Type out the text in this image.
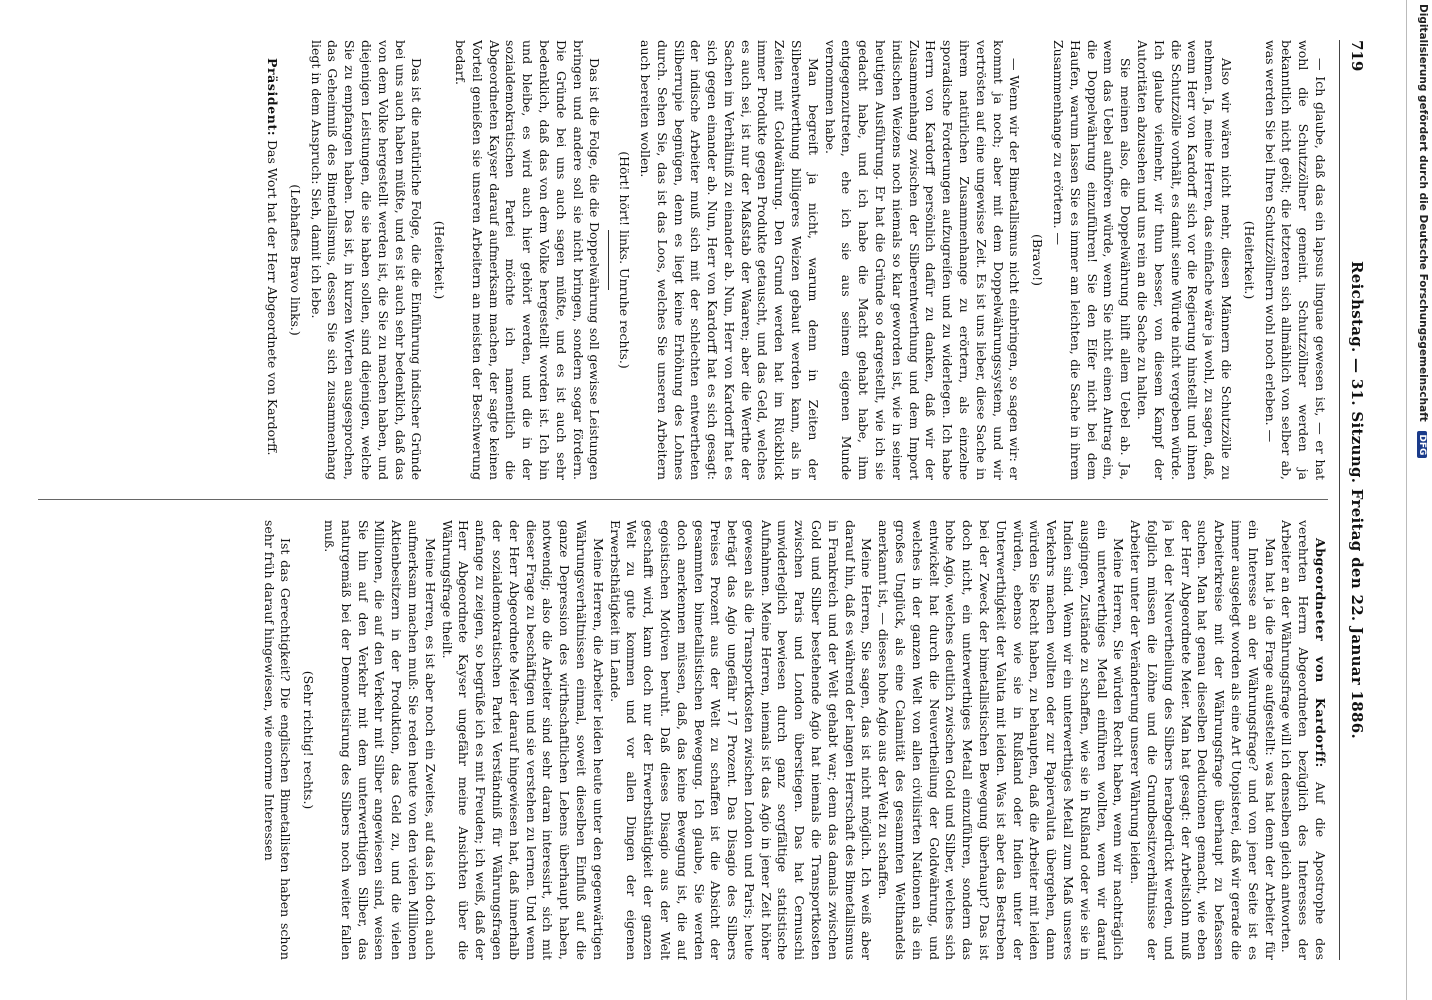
719
Reichstag. — 31. Sitzung. Freitag den 22. Januar 1886.

— Ich glaube, daß das ein lapsus linguae gewesen ist, — er hat wohl die Schutzzöllner gemeint. Schutzzöllner werden ja bekanntlich nicht geölt; die letzteren sich allmählich von selber ab, was werden Sie bei Ihren Schutzzöllnern wohl noch erleben. —

(Heiterkeit.)

Also wir wären nicht mehr, diesen Männern die Schutzzölle zu nehmen. Ja, meine Herren, das einfache wäre ja wohl, zu sagen, daß, wenn Herr von Kardorff sich vor die Regierung hinstellt und ihnen die Schutzzölle vorhält, es damit seine Würde nicht vergeben würde. Ich glaube vielmehr, wir thun besser, von diesem Kampf der Autoritäten abzusehen und uns rein an die Sache zu halten.

Sie meinen also, die Doppelwährung hilft allem Uebel ab. Ja, wenn das Uebel aufhören würde, wenn Sie nicht einen Antrag ein, die Doppelwährung einzuführen! Sie den Eifer nicht bei dem Haufen, warum lassen Sie es immer am leichten, die Sache in ihrem Zusammenhange zu erörtern. —

(Bravo!)

— Wenn wir der Bimetallismus nicht einbringen, so sagen wir: er kommt ja noch; aber mit dem Doppelwährungssystem, und wir vertrösten auf eine ungewisse Zeit. Es ist uns lieber, diese Sache in ihrem natürlichen Zusammenhange zu erörtern, als einzelne sporadische Forderungen aufzugreifen und zu widerlegen. Ich habe Herrn von Kardorff persönlich dafür zu danken, daß wir der Zusammenhang zwischen der Silberentwerthung und dem Import indischen Weizens noch niemals so klar geworden ist, wie in seiner heutigen Ausführung. Er hat die Gründe so dargestellt, wie ich sie gedacht habe, und ich habe die Macht gehabt habe, ihm entgegenzutreten, ehe ich sie aus seinem eigenen Munde vernommen habe.

Man begreift ja nicht, warum denn in Zeiten der Silberentwerthung billigeres Weizen gebaut werden kann, als in Zeiten mit Goldwährung. Den Grund werden hat im Rückblick immer Produkte gegen Produkte getauscht, und das Geld, welches es auch sei, ist nur der Maßstab der Waaren; aber die Werthe der Sachen im Verhältniß zu einander ab. Nun, Herr von Kardorff hat es sich gegen einander ab. Nun, Herr von Kardorff hat es sich gesagt: der indische Arbeiter muß sich mit der schlechten entwertheten Silberrupie begnügen, denn es liegt keine Erhöhung des Lohnes durch. Sehen Sie, das ist das Loos, welches Sie unseren Arbeitern auch bereiten wollen.

(Hört! hört! links. Unruhe rechts.)

Das ist die Folge, die die Doppelwährung soll gewisse Leistungen bringen und andere soll sie nicht bringen, sondern sogar fördern. Die Gründe bei uns auch sagen müßte, und es ist auch sehr bedenklich, daß das von dem Volke hergestellt worden ist. Ich bin und bleibe, es wird auch hier gehört werden, und die in der sozialdemokratischen Partei möchte ich namentlich die Abgeordneten Kayser darauf aufmerksam machen, der sagte keinen Vorteil genießen sie unseren Arbeitern an meisten der Beschwerung bedarf.

(Heiterkeit.)

Das ist die natürliche Folge, die die Einführung indischer Gründe bei uns auch haben müßte, und es ist auch sehr bedenklich, daß das von dem Volke hergestellt werden ist, die Sie zu machen haben, und diejenigen Leistungen, die sie haben sollen, sind diejenigen, welche Sie zu empfangen haben. Das ist, in kurzen Worten ausgesprochen, das Geheimniß des Bimetallismus, dessen Sie sich zusammenhang liegt in dem Anspruch: Sieh, damit ich lebe.

(Lebhaftes Bravo links.)

Präsident: Das Wort hat der Herr Abgeordnete von Kardorff.

Abgeordneter von Kardorff: Auf die Apostrophe des verehrten Herrn Abgeordneten bezüglich des Interesses der Arbeiter an der Währungsfrage will ich denselben gleich antworten.

Man hat ja die Frage aufgestellt: was hat denn der Arbeiter für ein Interesse an der Währungsfrage? und von jener Seite ist es immer ausgelegt worden als eine Art Utopisterei, daß wir gerade die Arbeiterkreise mit der Währungsfrage überhaupt zu befassen suchen. Man hat genau dieselben Deductionen gemacht, wie eben der Herr Abgeordnete Meier. Man hat gesagt: der Arbeitslohn muß ja bei der Neuvertheilung des Silbers herabgedrückt werden, und folglich müssen die Löhne und die Grundbesitzverhältnisse der Arbeiter unter der Veränderung unserer Währung leiden.

Meine Herren, Sie würden Recht haben, wenn wir nachträglich ein unterwerthiges Metall einführen wollten, wenn wir darauf ausgingen, Zustände zu schaffen, wie sie in Rußland oder wie sie in Indien sind. Wenn wir ein unterwerthiges Metall zum Maß unseres Verkehrs machen wollten oder zur Papiervaluta übergehen, dann würden Sie Recht haben, zu behaupten, daß die Arbeiter mit leiden würden, ebenso wie sie in Rußland oder Indien unter der Unterwerthigkeit der Valuta mit leiden. Was ist aber das Bestreben bei der Zweck der bimetallistischen Bewegung überhaupt? Das ist doch nicht, ein unterwerthiges Metall einzuführen, sondern das hohe Agio, welches deutlich zwischen Gold und Silber, welches sich entwickelt hat durch die Neuvertheilung der Goldwährung, und welches in der ganzen Welt von allen civilisirten Nationen als ein großes Unglück, als eine Calamität des gesammten Welthandels anerkannt ist, — dieses hohe Agio aus der Welt zu schaffen.

Meine Herren, Sie sagen, das ist nicht möglich. Ich weiß aber darauf hin, daß es während der langen Herrschaft des Bimetallismus in Frankreich und der Welt gehabt war; denn das damals zwischen Gold und Silber bestehende Agio hat niemals die Transportkosten zwischen Paris und London überstiegen. Das hat Cernuschi unwiderleglich bewiesen durch ganz sorgfältige statistische Aufnahmen. Meine Herren, niemals ist das Agio in jener Zeit höher gewesen als die Transportkosten zwischen London und Paris; heute beträgt das Agio ungefähr 17 Prozent. Das Disagio des Silbers Preises Prozent aus der Welt zu schaffen ist die Absicht der gesammten bimetallistischen Bewegung. Ich glaube, Sie werden doch anerkennen müssen, daß, das keine Bewegung ist, die auf egoistischen Motiven beruht. Daß dieses Disagio aus der Welt geschafft wird, kann doch nur der Erwerbsthätigkeit der ganzen Welt zu gute kommen und vor allen Dingen der eigenen Erwerbsthätigkeit im Lande.

Meine Herren, die Arbeiter leiden heute unter den gegenwärtigen Währungsverhältnissen einmal, soweit dieselben Einfluß auf die ganze Depression des wirthschaftlichen Lebens überhaupt haben, notwendig; also die Arbeiter sind sehr daran interessirt, sich mit dieser Frage zu beschäftigen und sie verstehen zu lernen. Und wenn der Herr Abgeordnete Meier darauf hingewiesen hat, daß innerhalb der sozialdemokratischen Partei Verständniß für Währungsfragen anfange zu zeigen, so begrüße ich es mit Freuden; ich weiß, daß der Herr Abgeordnete Kayser ungefähr meine Ansichten über die Währungsfrage theilt.

Meine Herren, es ist aber noch ein Zweites, auf das ich doch auch aufmerksam machen muß: Sie reden heute von den vielen Millionen Aktienbesitzern in der Produktion, das Geld zu, und die vielen Millionen, die auf den Verkehr mit Silber angewiesen sind, weisen Sie hin auf den Verkehr mit dem unterwerthigen Silber, das naturgemäß bei der Demonetisirung des Silbers noch weiter fallen muß.

(Sehr richtig! rechts.)

Ist das Gerechtigkeit? Die englischen Bimetallisten haben schon sehr früh darauf hingewiesen, wie enorme Interessen

Digitalisierung gefördert durch die Deutsche Forschungsgemeinschaft DFG
